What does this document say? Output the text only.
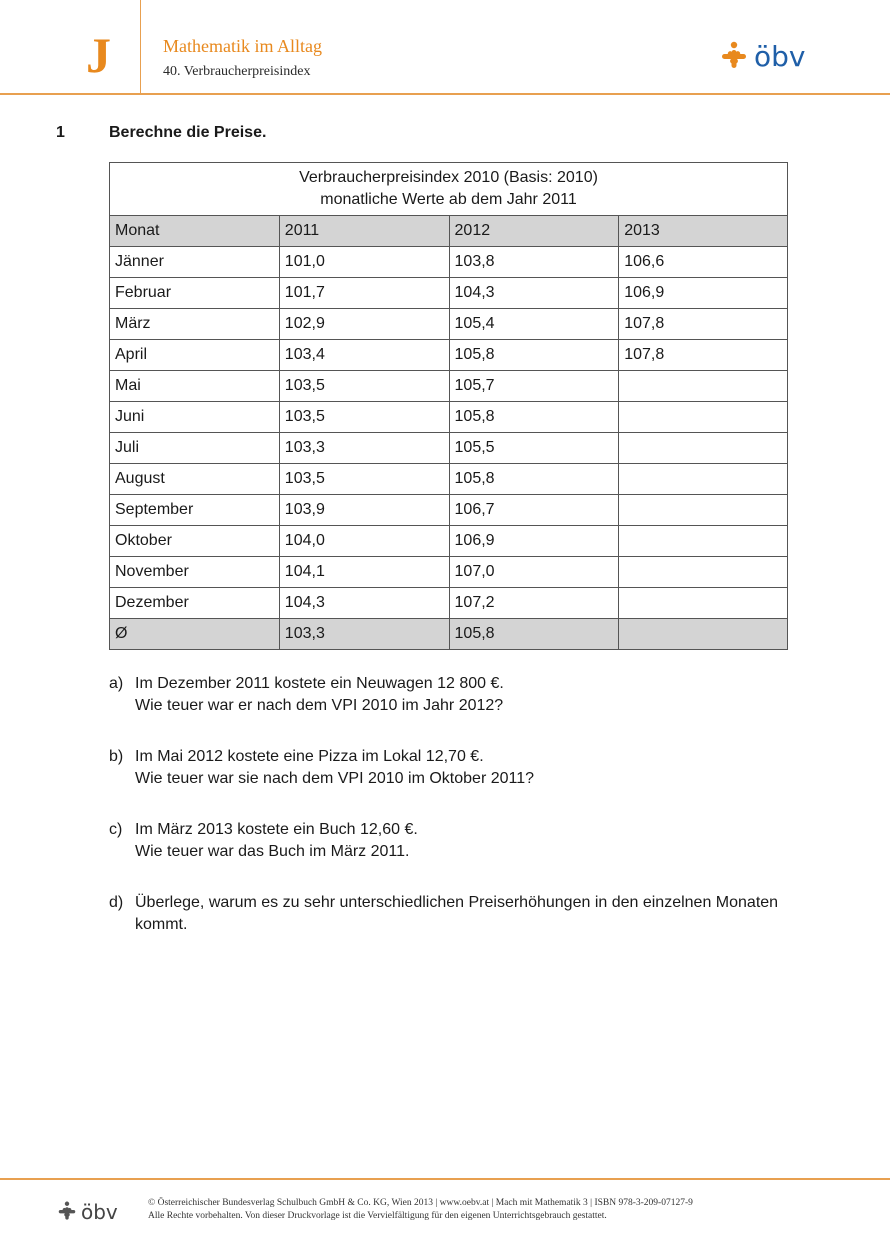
J	Mathematik im Alltag
40. Verbraucherpreisindex	öbv
1	Berechne die Preise.
Verbraucherpreisindex 2010 (Basis: 2010)
monatliche Werte ab dem Jahr 2011			

Monat	2011	2012	2013
Jänner	101,0	103,8	106,6
Februar	101,7	104,3	106,9
März	102,9	105,4	107,8
April	103,4	105,8	107,8
Mai	103,5	105,7	
Juni	103,5	105,8	
Juli	103,3	105,5	
August	103,5	105,8	
September	103,9	106,7	
Oktober	104,0	106,9	
November	104,1	107,0	
Dezember	104,3	107,2	
Ø	103,3	105,8	
a) Im Dezember 2011 kostete ein Neuwagen 12 800 €.
Wie teuer war er nach dem VPI 2010 im Jahr 2012?
b) Im Mai 2012 kostete eine Pizza im Lokal 12,70 €.
Wie teuer war sie nach dem VPI 2010 im Oktober 2011?
c) Im März 2013 kostete ein Buch 12,60 €.
Wie teuer war das Buch im März 2011.
d) Überlege, warum es zu sehr unterschiedlichen Preiserhöhungen in den einzelnen Monaten
kommt.
öbv	© Österreichischer Bundesverlag Schulbuch GmbH & Co. KG, Wien 2013 | www.oebv.at | Mach mit Mathematik 3 | ISBN 978-3-209-07127-9
Alle Rechte vorbehalten. Von dieser Druckvorlage ist die Vervielfältigung für den eigenen Unterrichtsgebrauch gestattet.
